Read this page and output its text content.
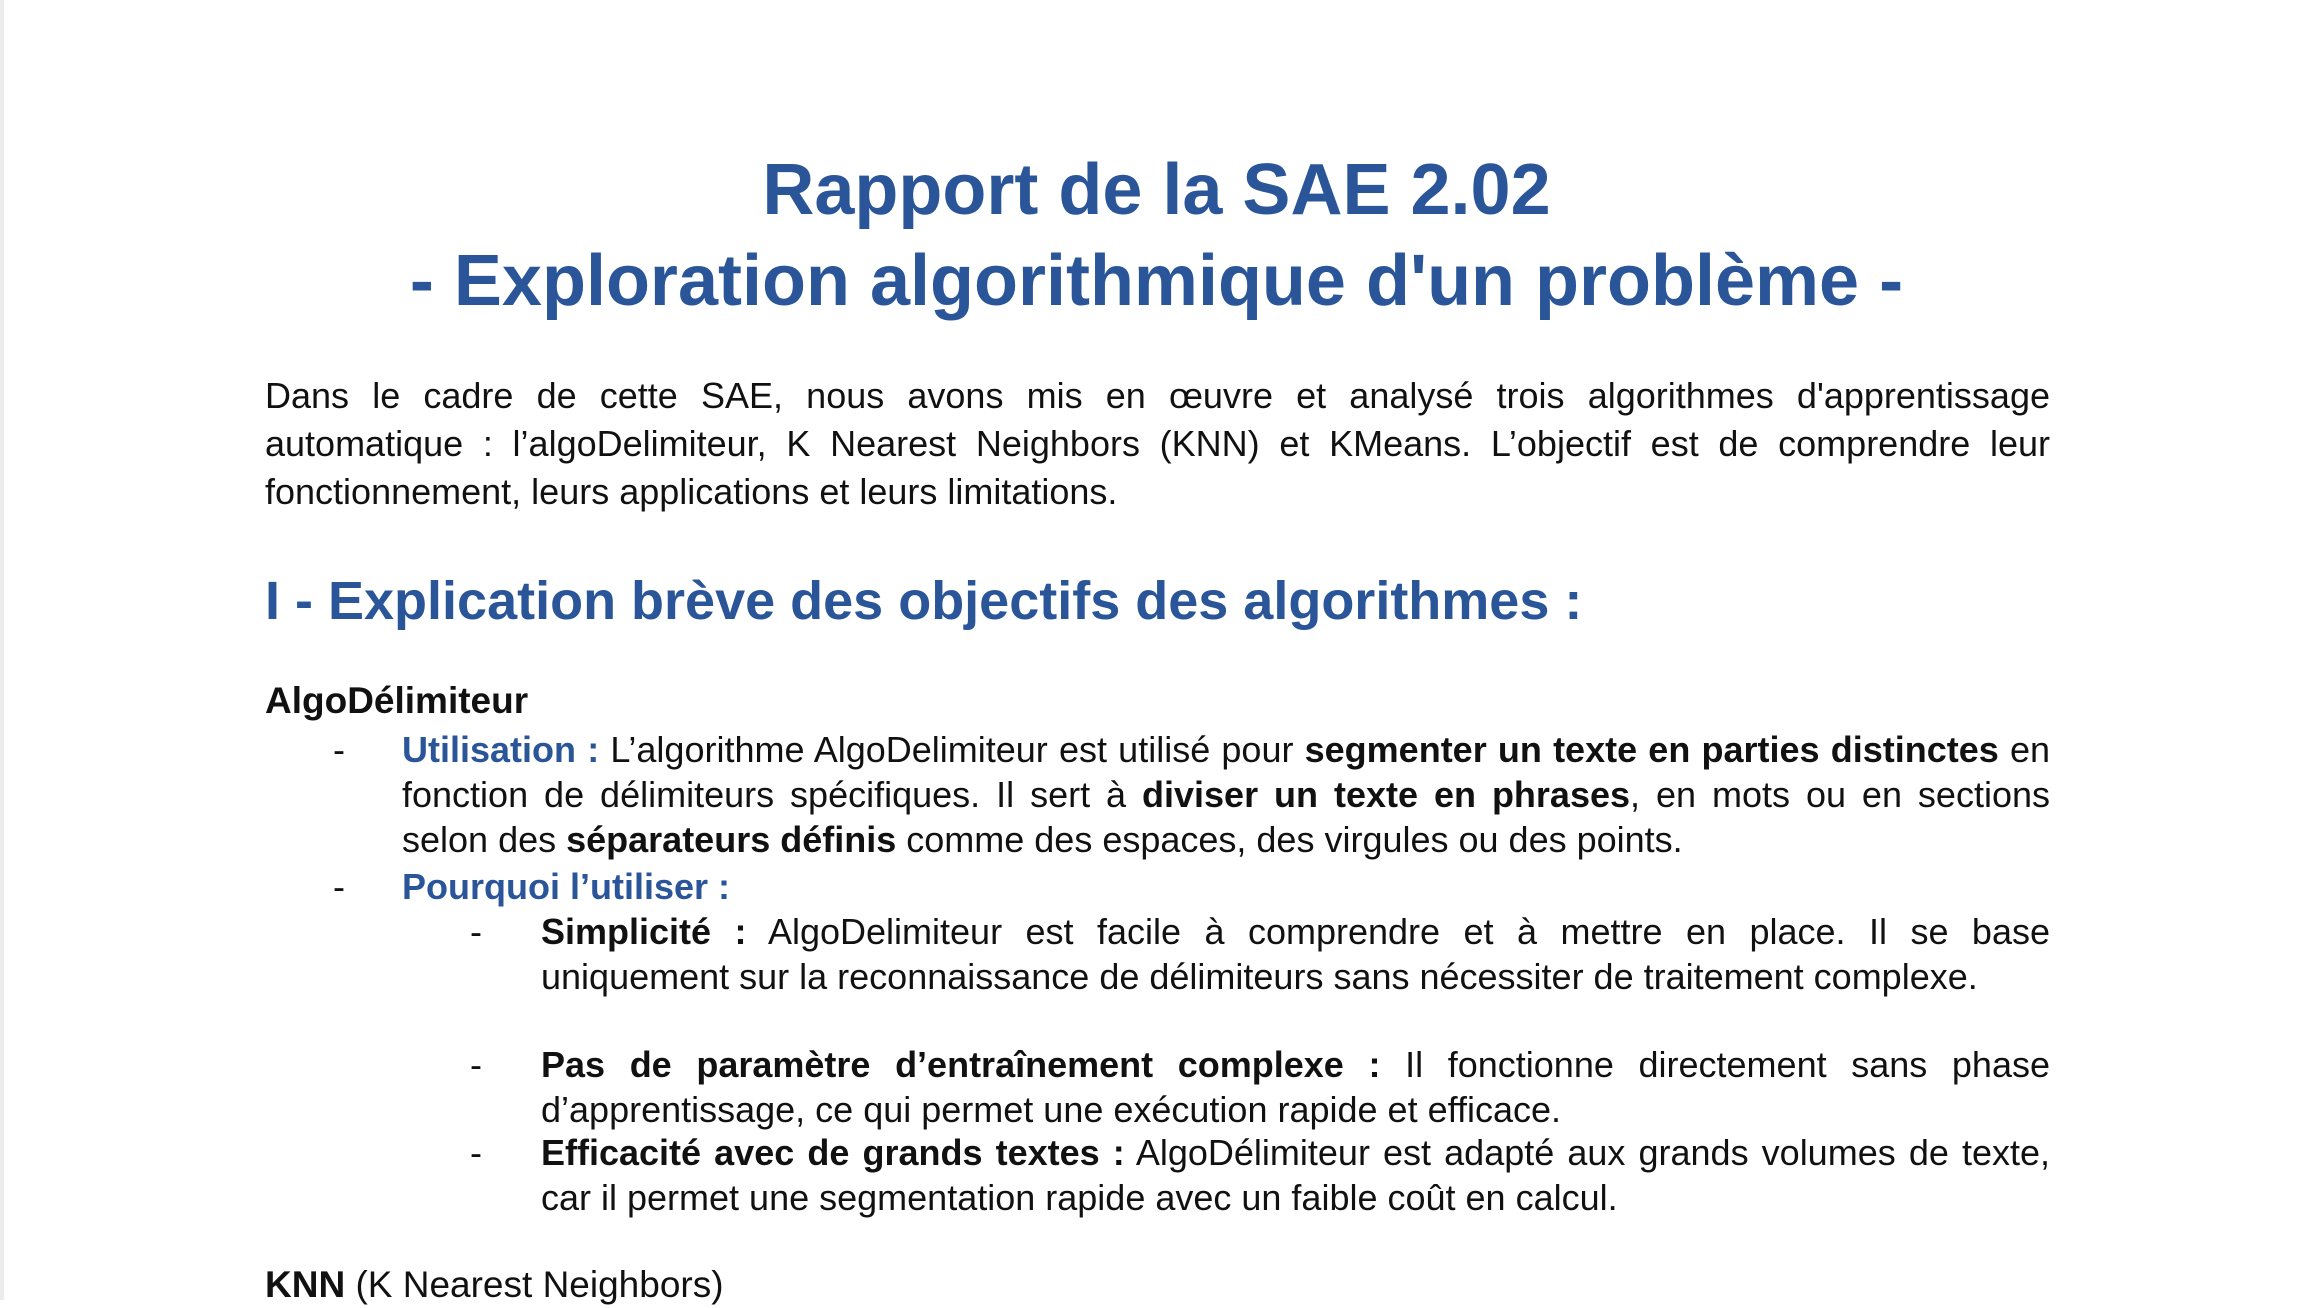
Rapport de la SAE 2.02
- Exploration algorithmique d'un problème -

Dans le cadre de cette SAE, nous avons mis en œuvre et analysé trois algorithmes d'apprentissage automatique : l’algoDelimiteur, K Nearest Neighbors (KNN) et KMeans. L’objectif est de comprendre leur fonctionnement, leurs applications et leurs limitations.

I - Explication brève des objectifs des algorithmes :

AlgoDélimiteur

- Utilisation : L’algorithme AlgoDelimiteur est utilisé pour segmenter un texte en parties distinctes en fonction de délimiteurs spécifiques. Il sert à diviser un texte en phrases, en mots ou en sections selon des séparateurs définis comme des espaces, des virgules ou des points.

- Pourquoi l’utiliser :

- Simplicité : AlgoDelimiteur est facile à comprendre et à mettre en place. Il se base uniquement sur la reconnaissance de délimiteurs sans nécessiter de traitement complexe.

- Pas de paramètre d’entraînement complexe : Il fonctionne directement sans phase d’apprentissage, ce qui permet une exécution rapide et efficace.

- Efficacité avec de grands textes : AlgoDélimiteur est adapté aux grands volumes de texte, car il permet une segmentation rapide avec un faible coût en calcul.

KNN (K Nearest Neighbors)
